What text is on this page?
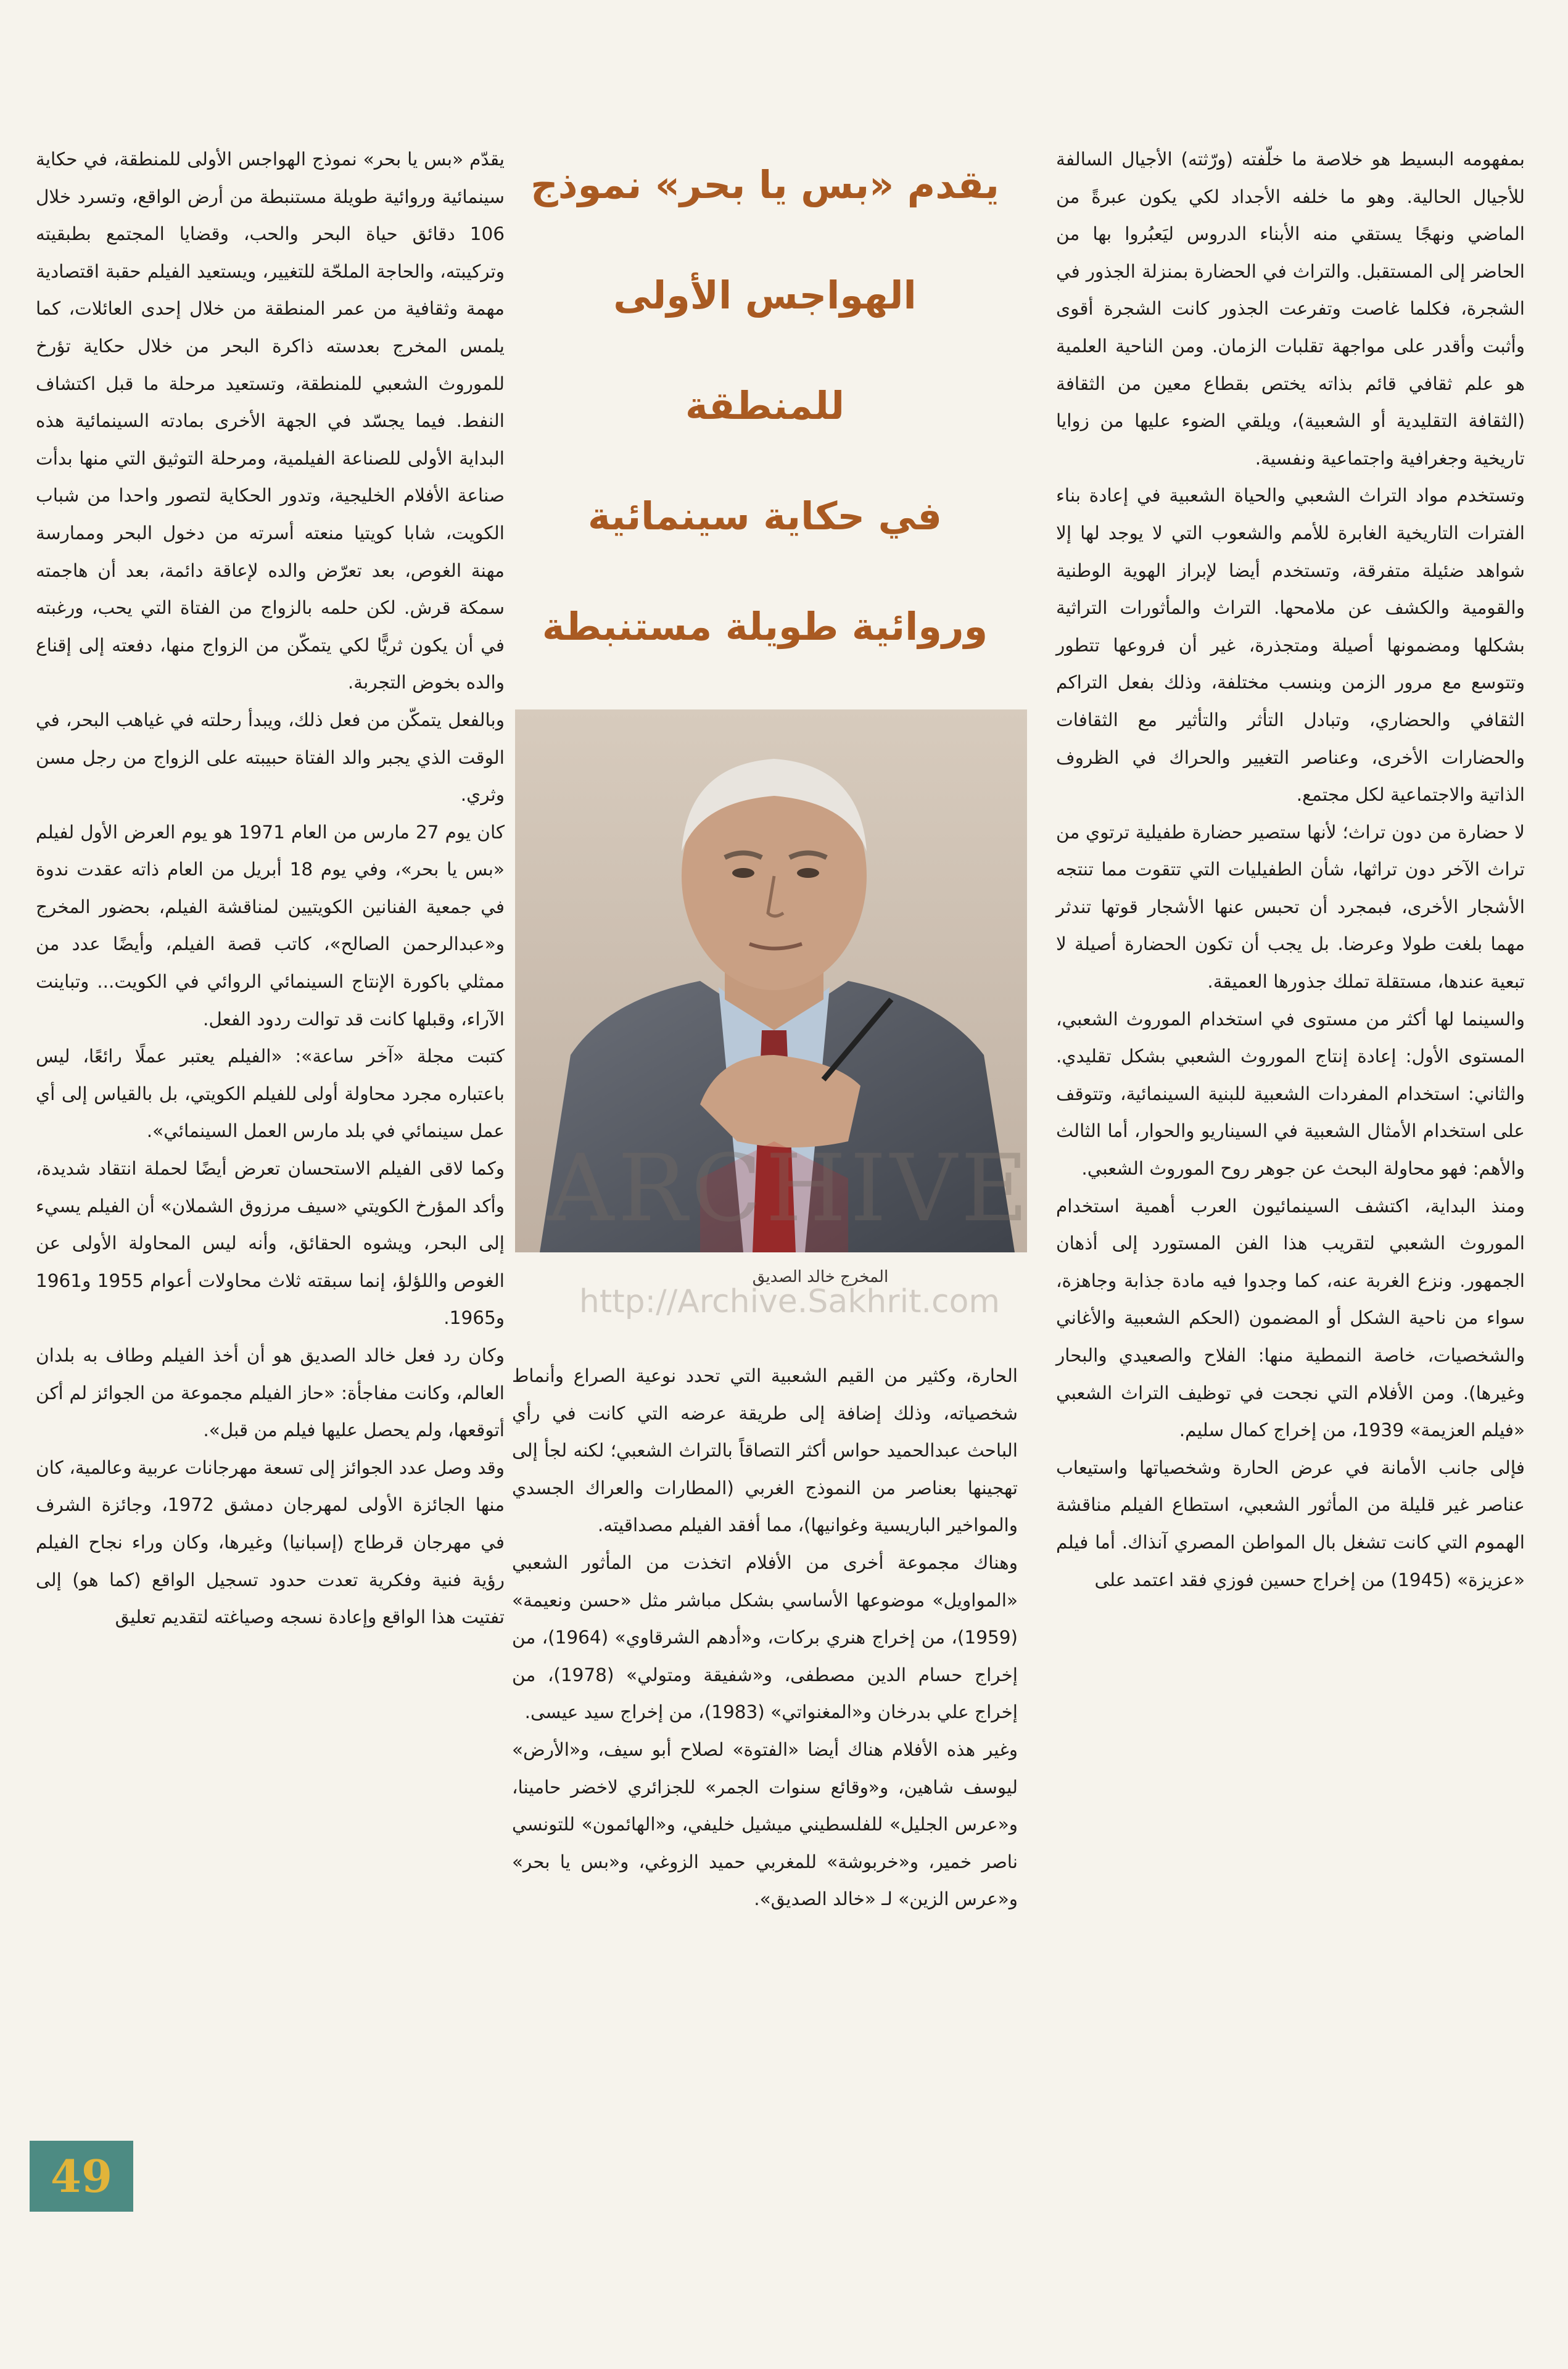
بمفهومه البسيط هو خلاصة ما خلّفته (ورّثته) الأجيال السالفة للأجيال الحالية. وهو ما خلفه الأجداد لكي يكون عبرةً من الماضي ونهجًا يستقي منه الأبناء الدروس ليَعبُروا بها من الحاضر إلى المستقبل. والتراث في الحضارة بمنزلة الجذور في الشجرة، فكلما غاصت وتفرعت الجذور كانت الشجرة أقوى وأثبت وأقدر على مواجهة تقلبات الزمان. ومن الناحية العلمية هو علم ثقافي قائم بذاته يختص بقطاع معين من الثقافة (الثقافة التقليدية أو الشعبية)، ويلقي الضوء عليها من زوايا تاريخية وجغرافية واجتماعية ونفسية.

وتستخدم مواد التراث الشعبي والحياة الشعبية في إعادة بناء الفترات التاريخية الغابرة للأمم والشعوب التي لا يوجد لها إلا شواهد ضئيلة متفرقة، وتستخدم أيضا لإبراز الهوية الوطنية والقومية والكشف عن ملامحها. التراث والمأثورات التراثية بشكلها ومضمونها أصيلة ومتجذرة، غير أن فروعها تتطور وتتوسع مع مرور الزمن وبنسب مختلفة، وذلك بفعل التراكم الثقافي والحضاري، وتبادل التأثر والتأثير مع الثقافات والحضارات الأخرى، وعناصر التغيير والحراك في الظروف الذاتية والاجتماعية لكل مجتمع.

لا حضارة من دون تراث؛ لأنها ستصير حضارة طفيلية ترتوي من تراث الآخر دون تراثها، شأن الطفيليات التي تتقوت مما تنتجه الأشجار الأخرى، فبمجرد أن تحبس عنها الأشجار قوتها تندثر مهما بلغت طولا وعرضا. بل يجب أن تكون الحضارة أصيلة لا تبعية عندها، مستقلة تملك جذورها العميقة.

والسينما لها أكثر من مستوى في استخدام الموروث الشعبي، المستوى الأول: إعادة إنتاج الموروث الشعبي بشكل تقليدي. والثاني: استخدام المفردات الشعبية للبنية السينمائية، وتتوقف على استخدام الأمثال الشعبية في السيناريو والحوار، أما الثالث والأهم: فهو محاولة البحث عن جوهر روح الموروث الشعبي.

ومنذ البداية، اكتشف السينمائيون العرب أهمية استخدام الموروث الشعبي لتقريب هذا الفن المستورد إلى أذهان الجمهور. ونزع الغربة عنه، كما وجدوا فيه مادة جذابة وجاهزة، سواء من ناحية الشكل أو المضمون (الحكم الشعبية والأغاني والشخصيات، خاصة النمطية منها: الفلاح والصعيدي والبحار وغيرها). ومن الأفلام التي نجحت في توظيف التراث الشعبي «فيلم العزيمة» 1939، من إخراج كمال سليم.

فإلى جانب الأمانة في عرض الحارة وشخصياتها واستيعاب عناصر غير قليلة من المأثور الشعبي، استطاع الفيلم مناقشة الهموم التي كانت تشغل بال المواطن المصري آنذاك. أما فيلم «عزيزة» (1945) من إخراج حسين فوزي فقد اعتمد على

يقدم «بس يا بحر» نموذج
الهواجس الأولى للمنطقة
في حكاية سينمائية
وروائية طويلة مستنبطة
ARCHIVE
المخرج خالد الصديق
http://Archive.Sakhrit.com

الحارة، وكثير من القيم الشعبية التي تحدد نوعية الصراع وأنماط شخصياته، وذلك إضافة إلى طريقة عرضه التي كانت في رأي الباحث عبدالحميد حواس أكثر التصاقاً بالتراث الشعبي؛ لكنه لجأ إلى تهجينها بعناصر من النموذج الغربي (المطارات والعراك الجسدي والمواخير الباريسية وغوانيها)، مما أفقد الفيلم مصداقيته.

وهناك مجموعة أخرى من الأفلام اتخذت من المأثور الشعبي «المواويل» موضوعها الأساسي بشكل مباشر مثل «حسن ونعيمة» (1959)، من إخراج هنري بركات، و«أدهم الشرقاوي» (1964)، من إخراج حسام الدين مصطفى، و«شفيقة ومتولي» (1978)، من إخراج علي بدرخان و«المغنواتي» (1983)، من إخراج سيد عيسى.

وغير هذه الأفلام هناك أيضا «الفتوة» لصلاح أبو سيف، و«الأرض» ليوسف شاهين، و«وقائع سنوات الجمر» للجزائري لاخضر حامينا، و«عرس الجليل» للفلسطيني ميشيل خليفي، و«الهائمون» للتونسي ناصر خمير، و«خربوشة» للمغربي حميد الزوغي، و«بس يا بحر» و«عرس الزين» لـ «خالد الصديق».

يقدّم «بس يا بحر» نموذج الهواجس الأولى للمنطقة، في حكاية سينمائية وروائية طويلة مستنبطة من أرض الواقع، وتسرد خلال 106 دقائق حياة البحر والحب، وقضايا المجتمع بطبقيته وتركيبته، والحاجة الملحّة للتغيير، ويستعيد الفيلم حقبة اقتصادية مهمة وثقافية من عمر المنطقة من خلال إحدى العائلات، كما يلمس المخرج بعدسته ذاكرة البحر من خلال حكاية تؤرخ للموروث الشعبي للمنطقة، وتستعيد مرحلة ما قبل اكتشاف النفط. فيما يجسّد في الجهة الأخرى بمادته السينمائية هذه البداية الأولى للصناعة الفيلمية، ومرحلة التوثيق التي منها بدأت صناعة الأفلام الخليجية، وتدور الحكاية لتصور واحدا من شباب الكويت، شابا كويتيا منعته أسرته من دخول البحر وممارسة مهنة الغوص، بعد تعرّض والده لإعاقة دائمة، بعد أن هاجمته سمكة قرش. لكن حلمه بالزواج من الفتاة التي يحب، ورغبته في أن يكون ثريًّا لكي يتمكّن من الزواج منها، دفعته إلى إقناع والده بخوض التجربة.

وبالفعل يتمكّن من فعل ذلك، ويبدأ رحلته في غياهب البحر، في الوقت الذي يجبر والد الفتاة حبيبته على الزواج من رجل مسن وثري.

كان يوم 27 مارس من العام 1971 هو يوم العرض الأول لفيلم «بس يا بحر»، وفي يوم 18 أبريل من العام ذاته عقدت ندوة في جمعية الفنانين الكويتيين لمناقشة الفيلم، بحضور المخرج و«عبدالرحمن الصالح»، كاتب قصة الفيلم، وأيضًا عدد من ممثلي باكورة الإنتاج السينمائي الروائي في الكويت... وتباينت الآراء، وقبلها كانت قد توالت ردود الفعل.

كتبت مجلة «آخر ساعة»: «الفيلم يعتبر عملًا رائعًا، ليس باعتباره مجرد محاولة أولى للفيلم الكويتي، بل بالقياس إلى أي عمل سينمائي في بلد مارس العمل السينمائي».

وكما لاقى الفيلم الاستحسان تعرض أيضًا لحملة انتقاد شديدة، وأكد المؤرخ الكويتي «سيف مرزوق الشملان» أن الفيلم يسيء إلى البحر، ويشوه الحقائق، وأنه ليس المحاولة الأولى عن الغوص واللؤلؤ، إنما سبقته ثلاث محاولات أعوام 1955 و1961 و1965.

وكان رد فعل خالد الصديق هو أن أخذ الفيلم وطاف به بلدان العالم، وكانت مفاجأة: «حاز الفيلم مجموعة من الجوائز لم أكن أتوقعها، ولم يحصل عليها فيلم من قبل».

وقد وصل عدد الجوائز إلى تسعة مهرجانات عربية وعالمية، كان منها الجائزة الأولى لمهرجان دمشق 1972، وجائزة الشرف في مهرجان قرطاج (إسبانيا) وغيرها، وكان وراء نجاح الفيلم رؤية فنية وفكرية تعدت حدود تسجيل الواقع (كما هو) إلى تفتيت هذا الواقع وإعادة نسجه وصياغته لتقديم تعليق

49
